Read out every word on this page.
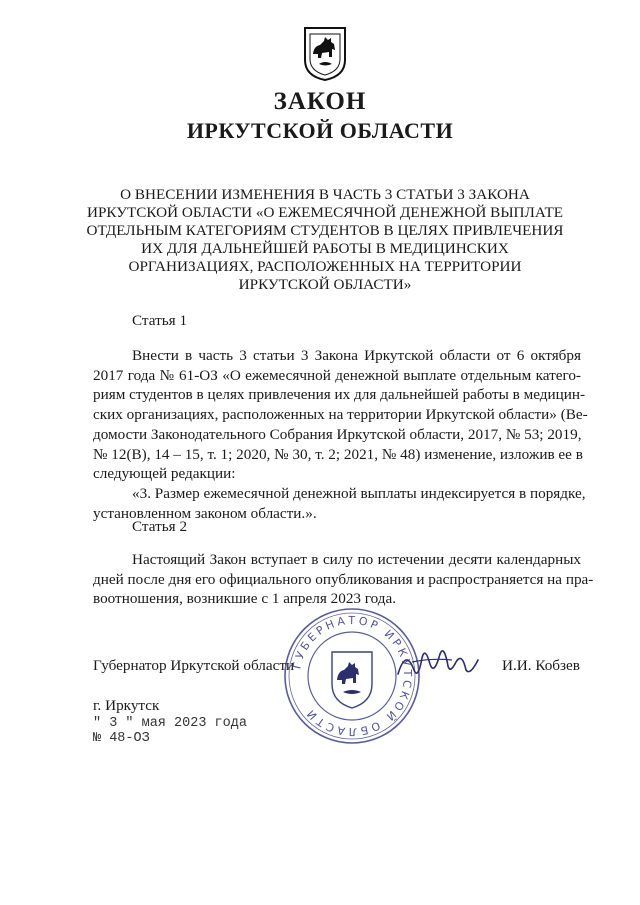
ЗАКОН
ИРКУТСКОЙ ОБЛАСТИ
О ВНЕСЕНИИ ИЗМЕНЕНИЯ В ЧАСТЬ 3 СТАТЬИ 3 ЗАКОНА
ИРКУТСКОЙ ОБЛАСТИ «О ЕЖЕМЕСЯЧНОЙ ДЕНЕЖНОЙ ВЫПЛАТЕ
ОТДЕЛЬНЫМ КАТЕГОРИЯМ СТУДЕНТОВ В ЦЕЛЯХ ПРИВЛЕЧЕНИЯ
ИХ ДЛЯ ДАЛЬНЕЙШЕЙ РАБОТЫ В МЕДИЦИНСКИХ
ОРГАНИЗАЦИЯХ, РАСПОЛОЖЕННЫХ НА ТЕРРИТОРИИ
ИРКУТСКОЙ ОБЛАСТИ»
Статья 1
Внести в часть 3 статьи 3 Закона Иркутской области от 6 октября
2017 года № 61-ОЗ «О ежемесячной денежной выплате отдельным катего-
риям студентов в целях привлечения их для дальнейшей работы в медицин-
ских организациях, расположенных на территории Иркутской области» (Ве-
домости Законодательного Собрания Иркутской области, 2017, № 53; 2019,
№ 12(В), 14 – 15, т. 1; 2020, № 30, т. 2; 2021, № 48) изменение, изложив ее в
следующей редакции:
«3. Размер ежемесячной денежной выплаты индексируется в порядке,
установленном законом области.».
Статья 2
Настоящий Закон вступает в силу по истечении десяти календарных
дней после дня его официального опубликования и распространяется на пра-
воотношения, возникшие с 1 апреля 2023 года.
Губернатор Иркутской области
ГУБЕРНАТОР ИРКУТСКОЙ ОБЛАСТИ
И.И. Кобзев
г. Иркутск
" 3 " мая 2023 года
№ 48-ОЗ
